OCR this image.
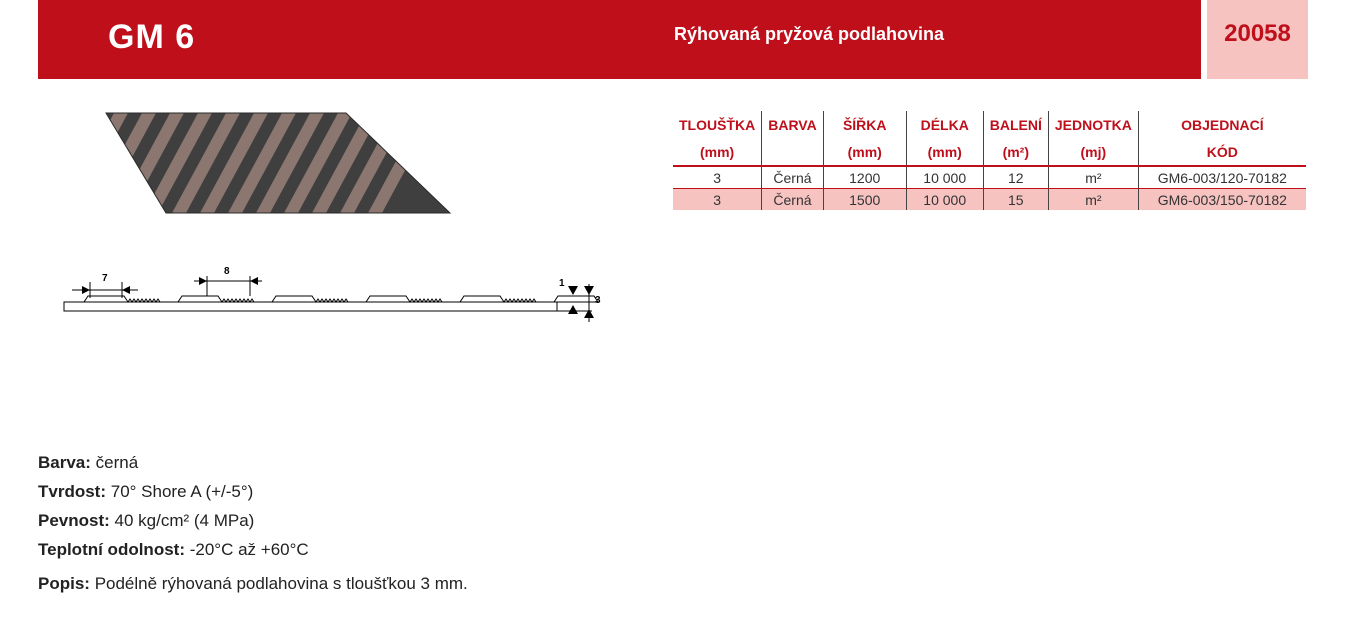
GM 6	Rýhovaná pryžová podlahovina	20058
7
8
1
3
TLOUŠŤKA	BARVA	ŠÍŘKA	DÉLKA	BALENÍ	JEDNOTKA	OBJEDNACÍ
(mm)		(mm)	(mm)	(m²)	(mj)	KÓD
3	Černá	1200	10 000	12	m²	GM6-003/120-70182
3	Černá	1500	10 000	15	m²	GM6-003/150-70182
Barva: černá
Tvrdost: 70° Shore A (+/-5°)
Pevnost: 40 kg/cm² (4 MPa)
Teplotní odolnost: -20°C až +60°C
Popis: Podélně rýhovaná podlahovina s tloušťkou 3 mm.
